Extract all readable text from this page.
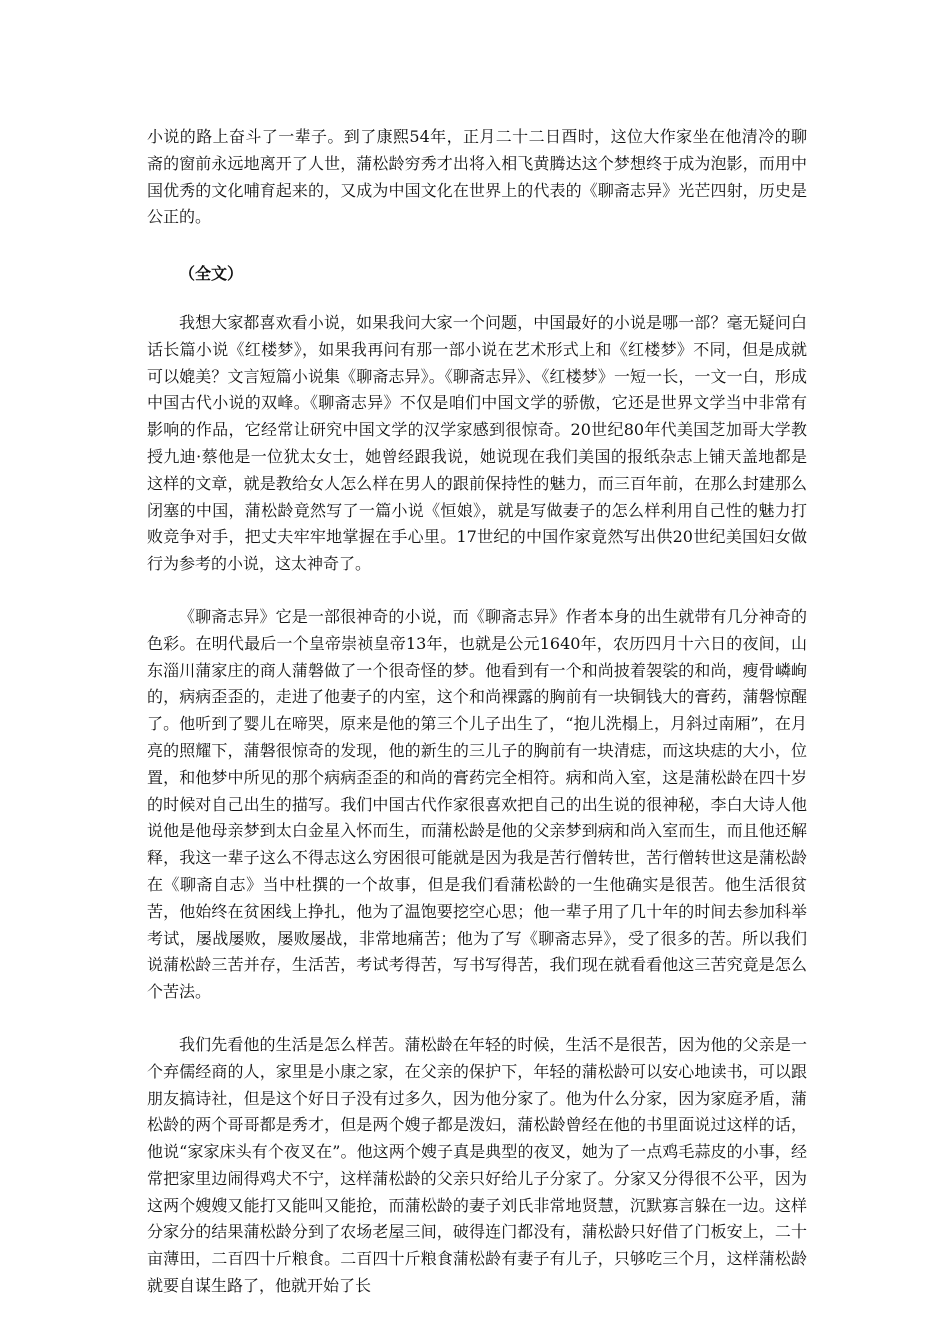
小说的路上奋斗了一辈子。到了康熙54年，正月二十二日酉时，这位大作家坐在他清冷的聊斋的窗前永远地离开了人世，蒲松龄穷秀才出将入相飞黄腾达这个梦想终于成为泡影，而用中国优秀的文化哺育起来的，又成为中国文化在世界上的代表的《聊斋志异》光芒四射，历史是公正的。

（全文）

我想大家都喜欢看小说，如果我问大家一个问题，中国最好的小说是哪一部？毫无疑问白话长篇小说《红楼梦》，如果我再问有那一部小说在艺术形式上和《红楼梦》不同，但是成就可以媲美？文言短篇小说集《聊斋志异》。《聊斋志异》、《红楼梦》一短一长，一文一白，形成中国古代小说的双峰。《聊斋志异》不仅是咱们中国文学的骄傲，它还是世界文学当中非常有影响的作品，它经常让研究中国文学的汉学家感到很惊奇。20世纪80年代美国芝加哥大学教授九迪·蔡他是一位犹太女士，她曾经跟我说，她说现在我们美国的报纸杂志上铺天盖地都是这样的文章，就是教给女人怎么样在男人的跟前保持性的魅力，而三百年前，在那么封建那么闭塞的中国，蒲松龄竟然写了一篇小说《恒娘》，就是写做妻子的怎么样利用自己性的魅力打败竞争对手，把丈夫牢牢地掌握在手心里。17世纪的中国作家竟然写出供20世纪美国妇女做行为参考的小说，这太神奇了。

《聊斋志异》它是一部很神奇的小说，而《聊斋志异》作者本身的出生就带有几分神奇的色彩。在明代最后一个皇帝崇祯皇帝13年，也就是公元1640年，农历四月十六日的夜间，山东淄川蒲家庄的商人蒲磐做了一个很奇怪的梦。他看到有一个和尚披着袈裟的和尚，瘦骨嶙峋的，病病歪歪的，走进了他妻子的内室，这个和尚裸露的胸前有一块铜钱大的膏药，蒲磐惊醒了。他听到了婴儿在啼哭，原来是他的第三个儿子出生了，“抱儿洗榻上，月斜过南厢”，在月亮的照耀下，蒲磐很惊奇的发现，他的新生的三儿子的胸前有一块清痣，而这块痣的大小，位置，和他梦中所见的那个病病歪歪的和尚的膏药完全相符。病和尚入室，这是蒲松龄在四十岁的时候对自己出生的描写。我们中国古代作家很喜欢把自己的出生说的很神秘，李白大诗人他说他是他母亲梦到太白金星入怀而生，而蒲松龄是他的父亲梦到病和尚入室而生，而且他还解释，我这一辈子这么不得志这么穷困很可能就是因为我是苦行僧转世，苦行僧转世这是蒲松龄在《聊斋自志》当中杜撰的一个故事，但是我们看蒲松龄的一生他确实是很苦。他生活很贫苦，他始终在贫困线上挣扎，他为了温饱要挖空心思；他一辈子用了几十年的时间去参加科举考试，屡战屡败，屡败屡战，非常地痛苦；他为了写《聊斋志异》，受了很多的苦。所以我们说蒲松龄三苦并存，生活苦，考试考得苦，写书写得苦，我们现在就看看他这三苦究竟是怎么个苦法。

我们先看他的生活是怎么样苦。蒲松龄在年轻的时候，生活不是很苦，因为他的父亲是一个弃儒经商的人，家里是小康之家，在父亲的保护下，年轻的蒲松龄可以安心地读书，可以跟朋友搞诗社，但是这个好日子没有过多久，因为他分家了。他为什么分家，因为家庭矛盾，蒲松龄的两个哥哥都是秀才，但是两个嫂子都是泼妇，蒲松龄曾经在他的书里面说过这样的话，他说“家家床头有个夜叉在”。他这两个嫂子真是典型的夜叉，她为了一点鸡毛蒜皮的小事，经常把家里边闹得鸡犬不宁，这样蒲松龄的父亲只好给儿子分家了。分家又分得很不公平，因为这两个嫂嫂又能打又能叫又能抢，而蒲松龄的妻子刘氏非常地贤慧，沉默寡言躲在一边。这样分家分的结果蒲松龄分到了农场老屋三间，破得连门都没有，蒲松龄只好借了门板安上，二十亩薄田，二百四十斤粮食。二百四十斤粮食蒲松龄有妻子有儿子，只够吃三个月，这样蒲松龄就要自谋生路了，他就开始了长
